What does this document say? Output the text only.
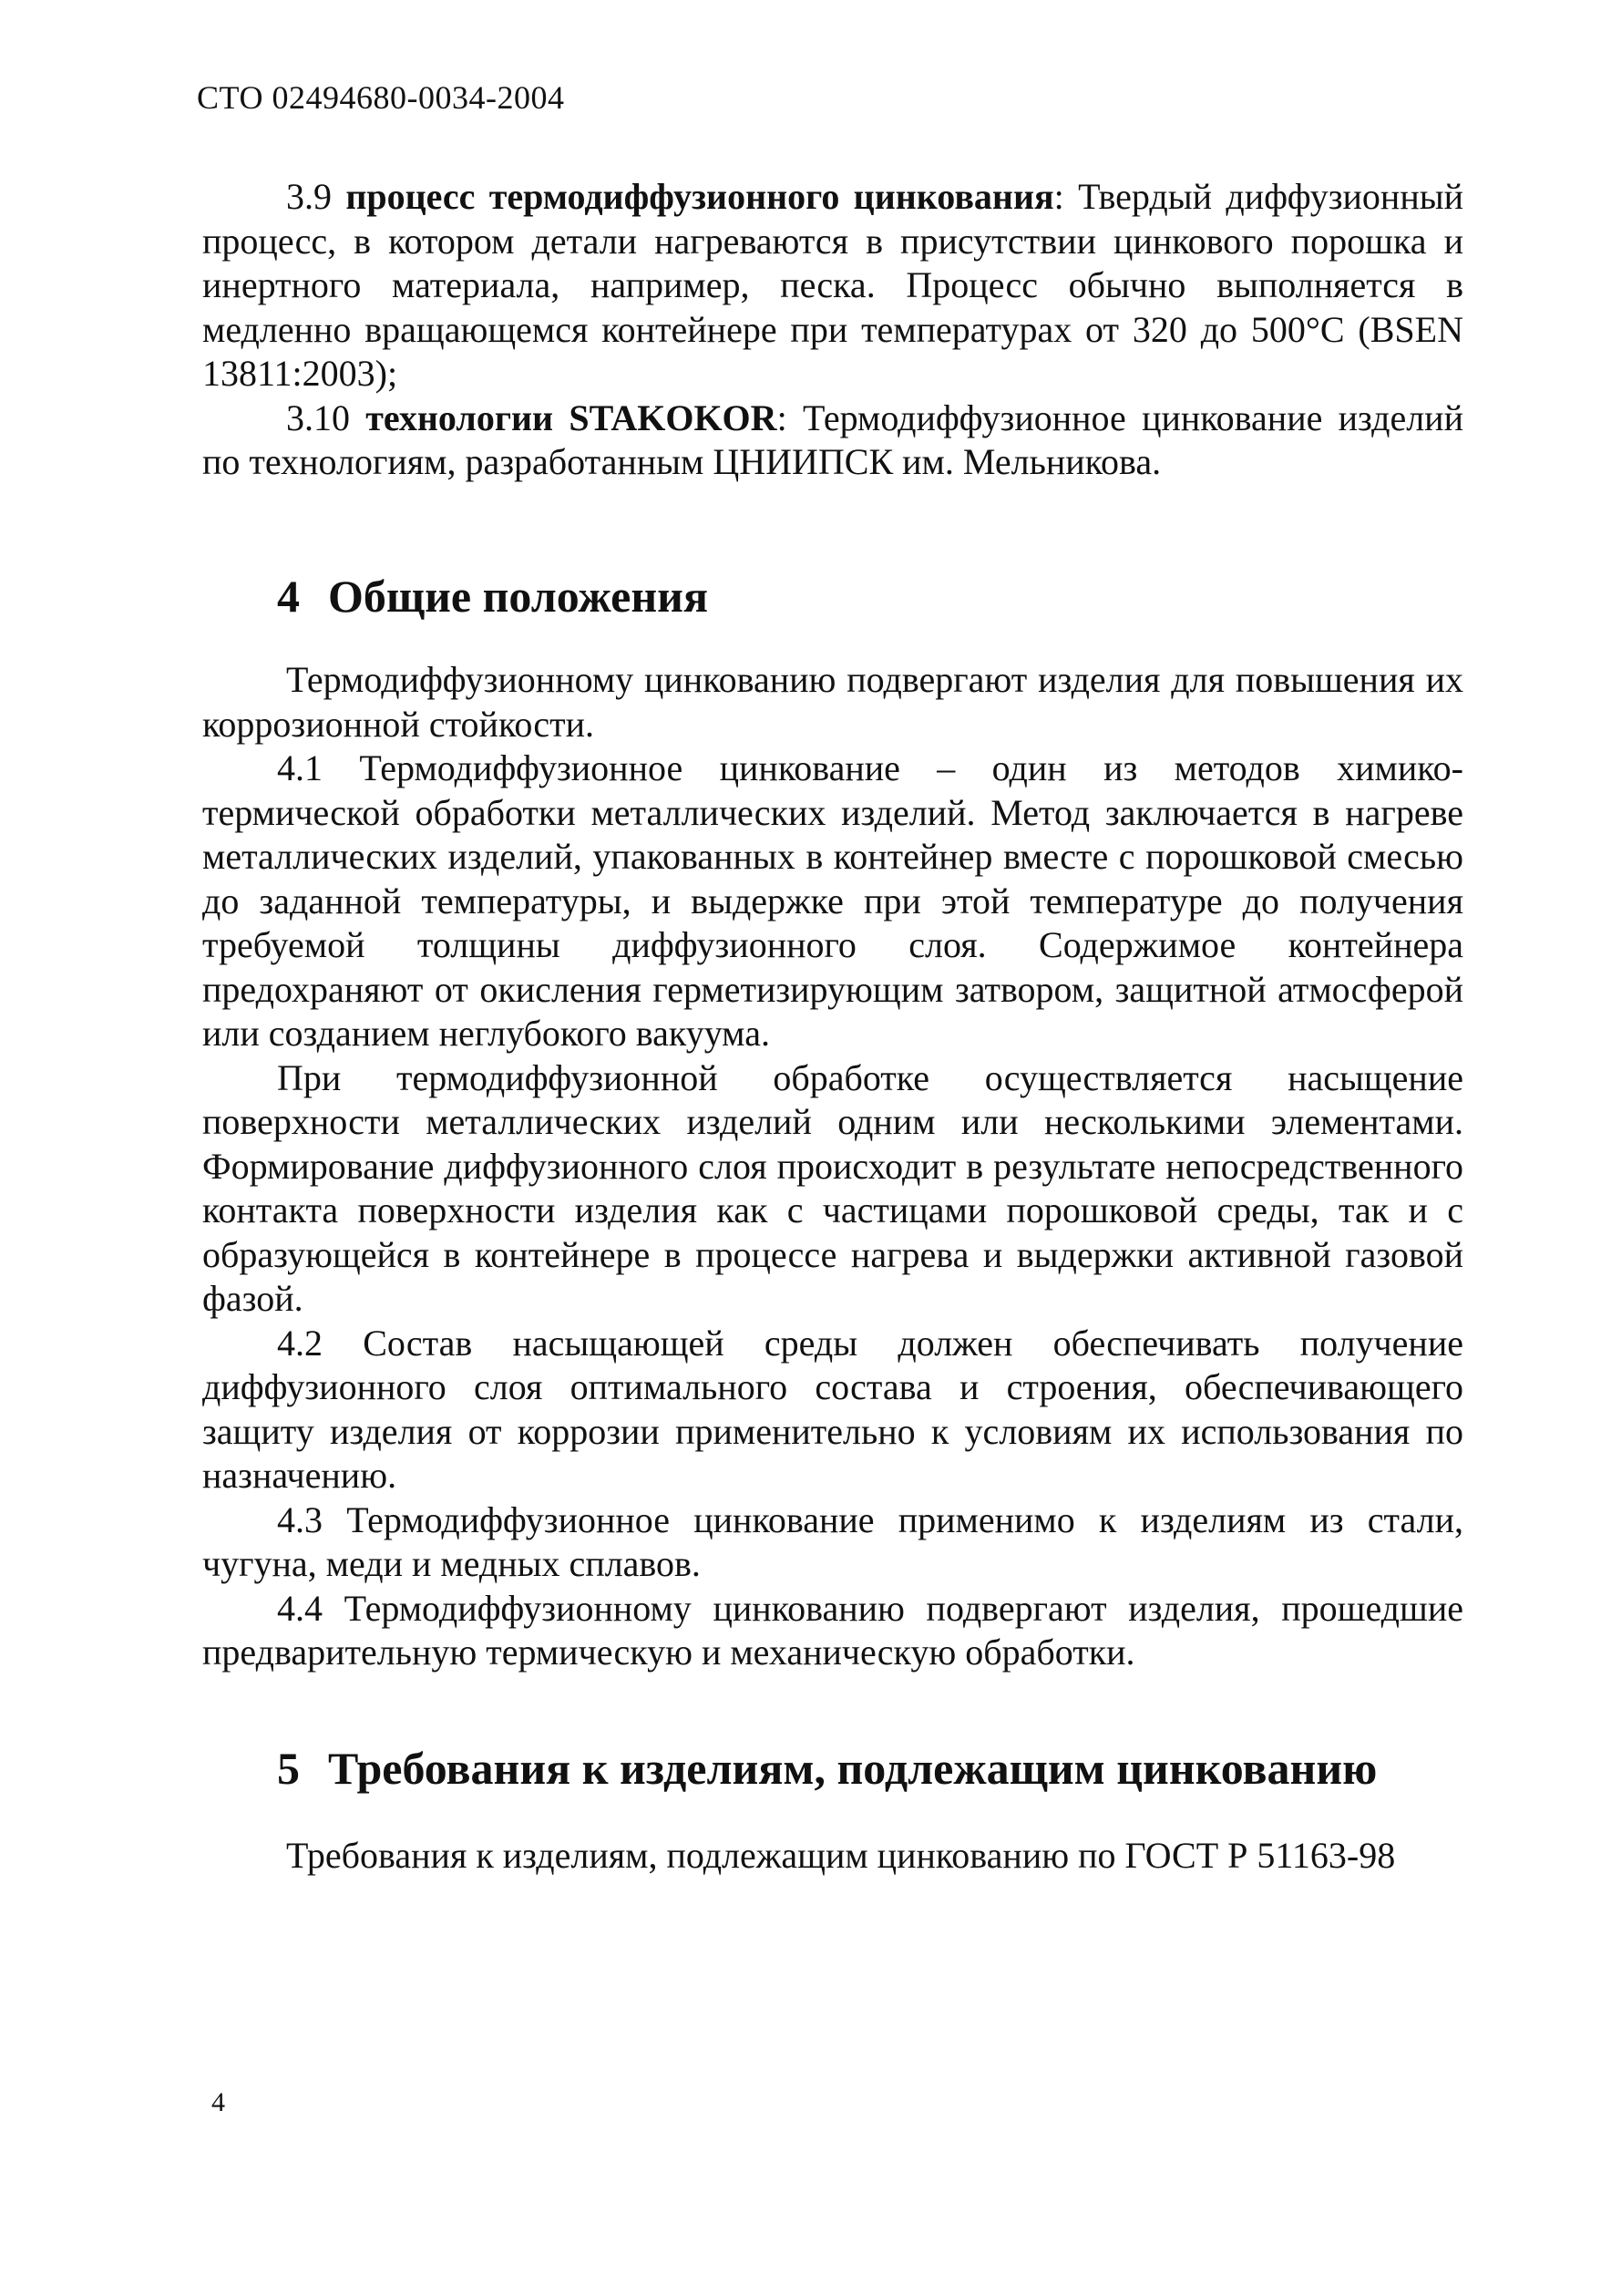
СТО 02494680-0034-2004

3.9 процесс термодиффузионного цинкования: Твердый диффузионный процесс, в котором детали нагреваются в присутствии цинкового порошка и инертного материала, например, песка. Процесс обычно выполняется в медленно вращающемся контейнере при температурах от 320 до 500°С (BSEN 13811:2003);

3.10 технологии STAKOKOR: Термодиффузионное цинкование изделий по технологиям, разработанным ЦНИИПСК им. Мельникова.

4 Общие положения

Термодиффузионному цинкованию подвергают изделия для повышения их коррозионной стойкости.

4.1 Термодиффузионное цинкование – один из методов химико-термической обработки металлических изделий. Метод заключается в нагреве металлических изделий, упакованных в контейнер вместе с порошковой смесью до заданной температуры, и выдержке при этой температуре до получения требуемой толщины диффузионного слоя. Содержимое контейнера предохраняют от окисления герметизирующим затвором, защитной атмосферой или созданием неглубокого вакуума.

При термодиффузионной обработке осуществляется насыщение поверхности металлических изделий одним или несколькими элементами. Формирование диффузионного слоя происходит в результате непосредственного контакта поверхности изделия как с частицами порошковой среды, так и с образующейся в контейнере в процессе нагрева и выдержки активной газовой фазой.

4.2 Состав насыщающей среды должен обеспечивать получение диффузионного слоя оптимального состава и строения, обеспечивающего защиту изделия от коррозии применительно к условиям их использования по назначению.

4.3 Термодиффузионное цинкование применимо к изделиям из стали, чугуна, меди и медных сплавов.

4.4 Термодиффузионному цинкованию подвергают изделия, прошедшие предварительную термическую и механическую обработки.

5 Требования к изделиям, подлежащим цинкованию

Требования к изделиям, подлежащим цинкованию по ГОСТ Р 51163-98

4
